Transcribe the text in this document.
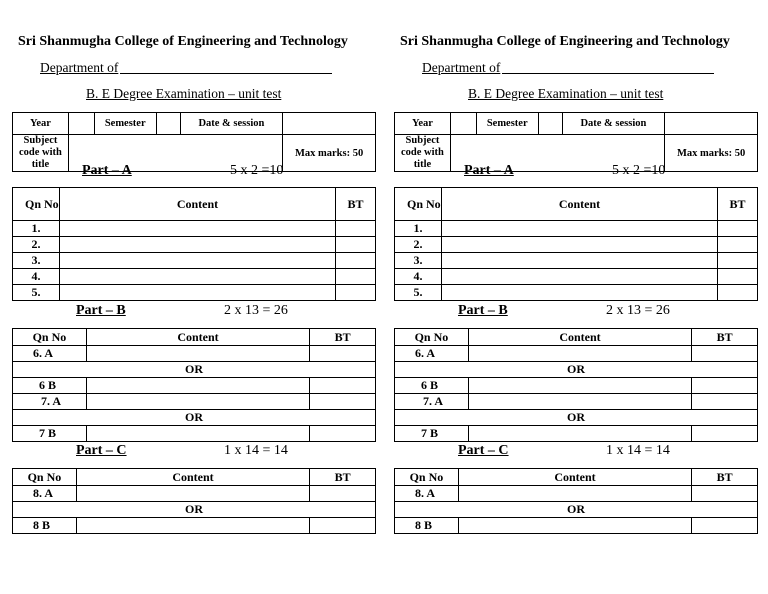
Sri Shanmugha College of Engineering and Technology
Department of
B. E Degree Examination – unit test
Year		Semester		Date & session	
Subject code with title					Max marks: 50
Part – A	5 x 2 =10
Qn No	Content	BT
1.		
2.		
3.		
4.		
5.		
Part – B	2 x 13 = 26
Qn No	Content	BT
6. A		
OR		
6 B		
7. A		
OR		
7 B		
Part – C	1 x 14 = 14
Qn No	Content	BT
8. A		
OR		
8 B		
Sri Shanmugha College of Engineering and Technology
Department of
B. E Degree Examination – unit test
Year		Semester		Date & session	
Subject code with title					Max marks: 50
Part – A	5 x 2 =10
Qn No	Content	BT
1.		
2.		
3.		
4.		
5.		
Part – B	2 x 13 = 26
Qn No	Content	BT
6. A		
OR		
6 B		
7. A		
OR		
7 B		
Part – C	1 x 14 = 14
Qn No	Content	BT
8. A		
OR		
8 B		
